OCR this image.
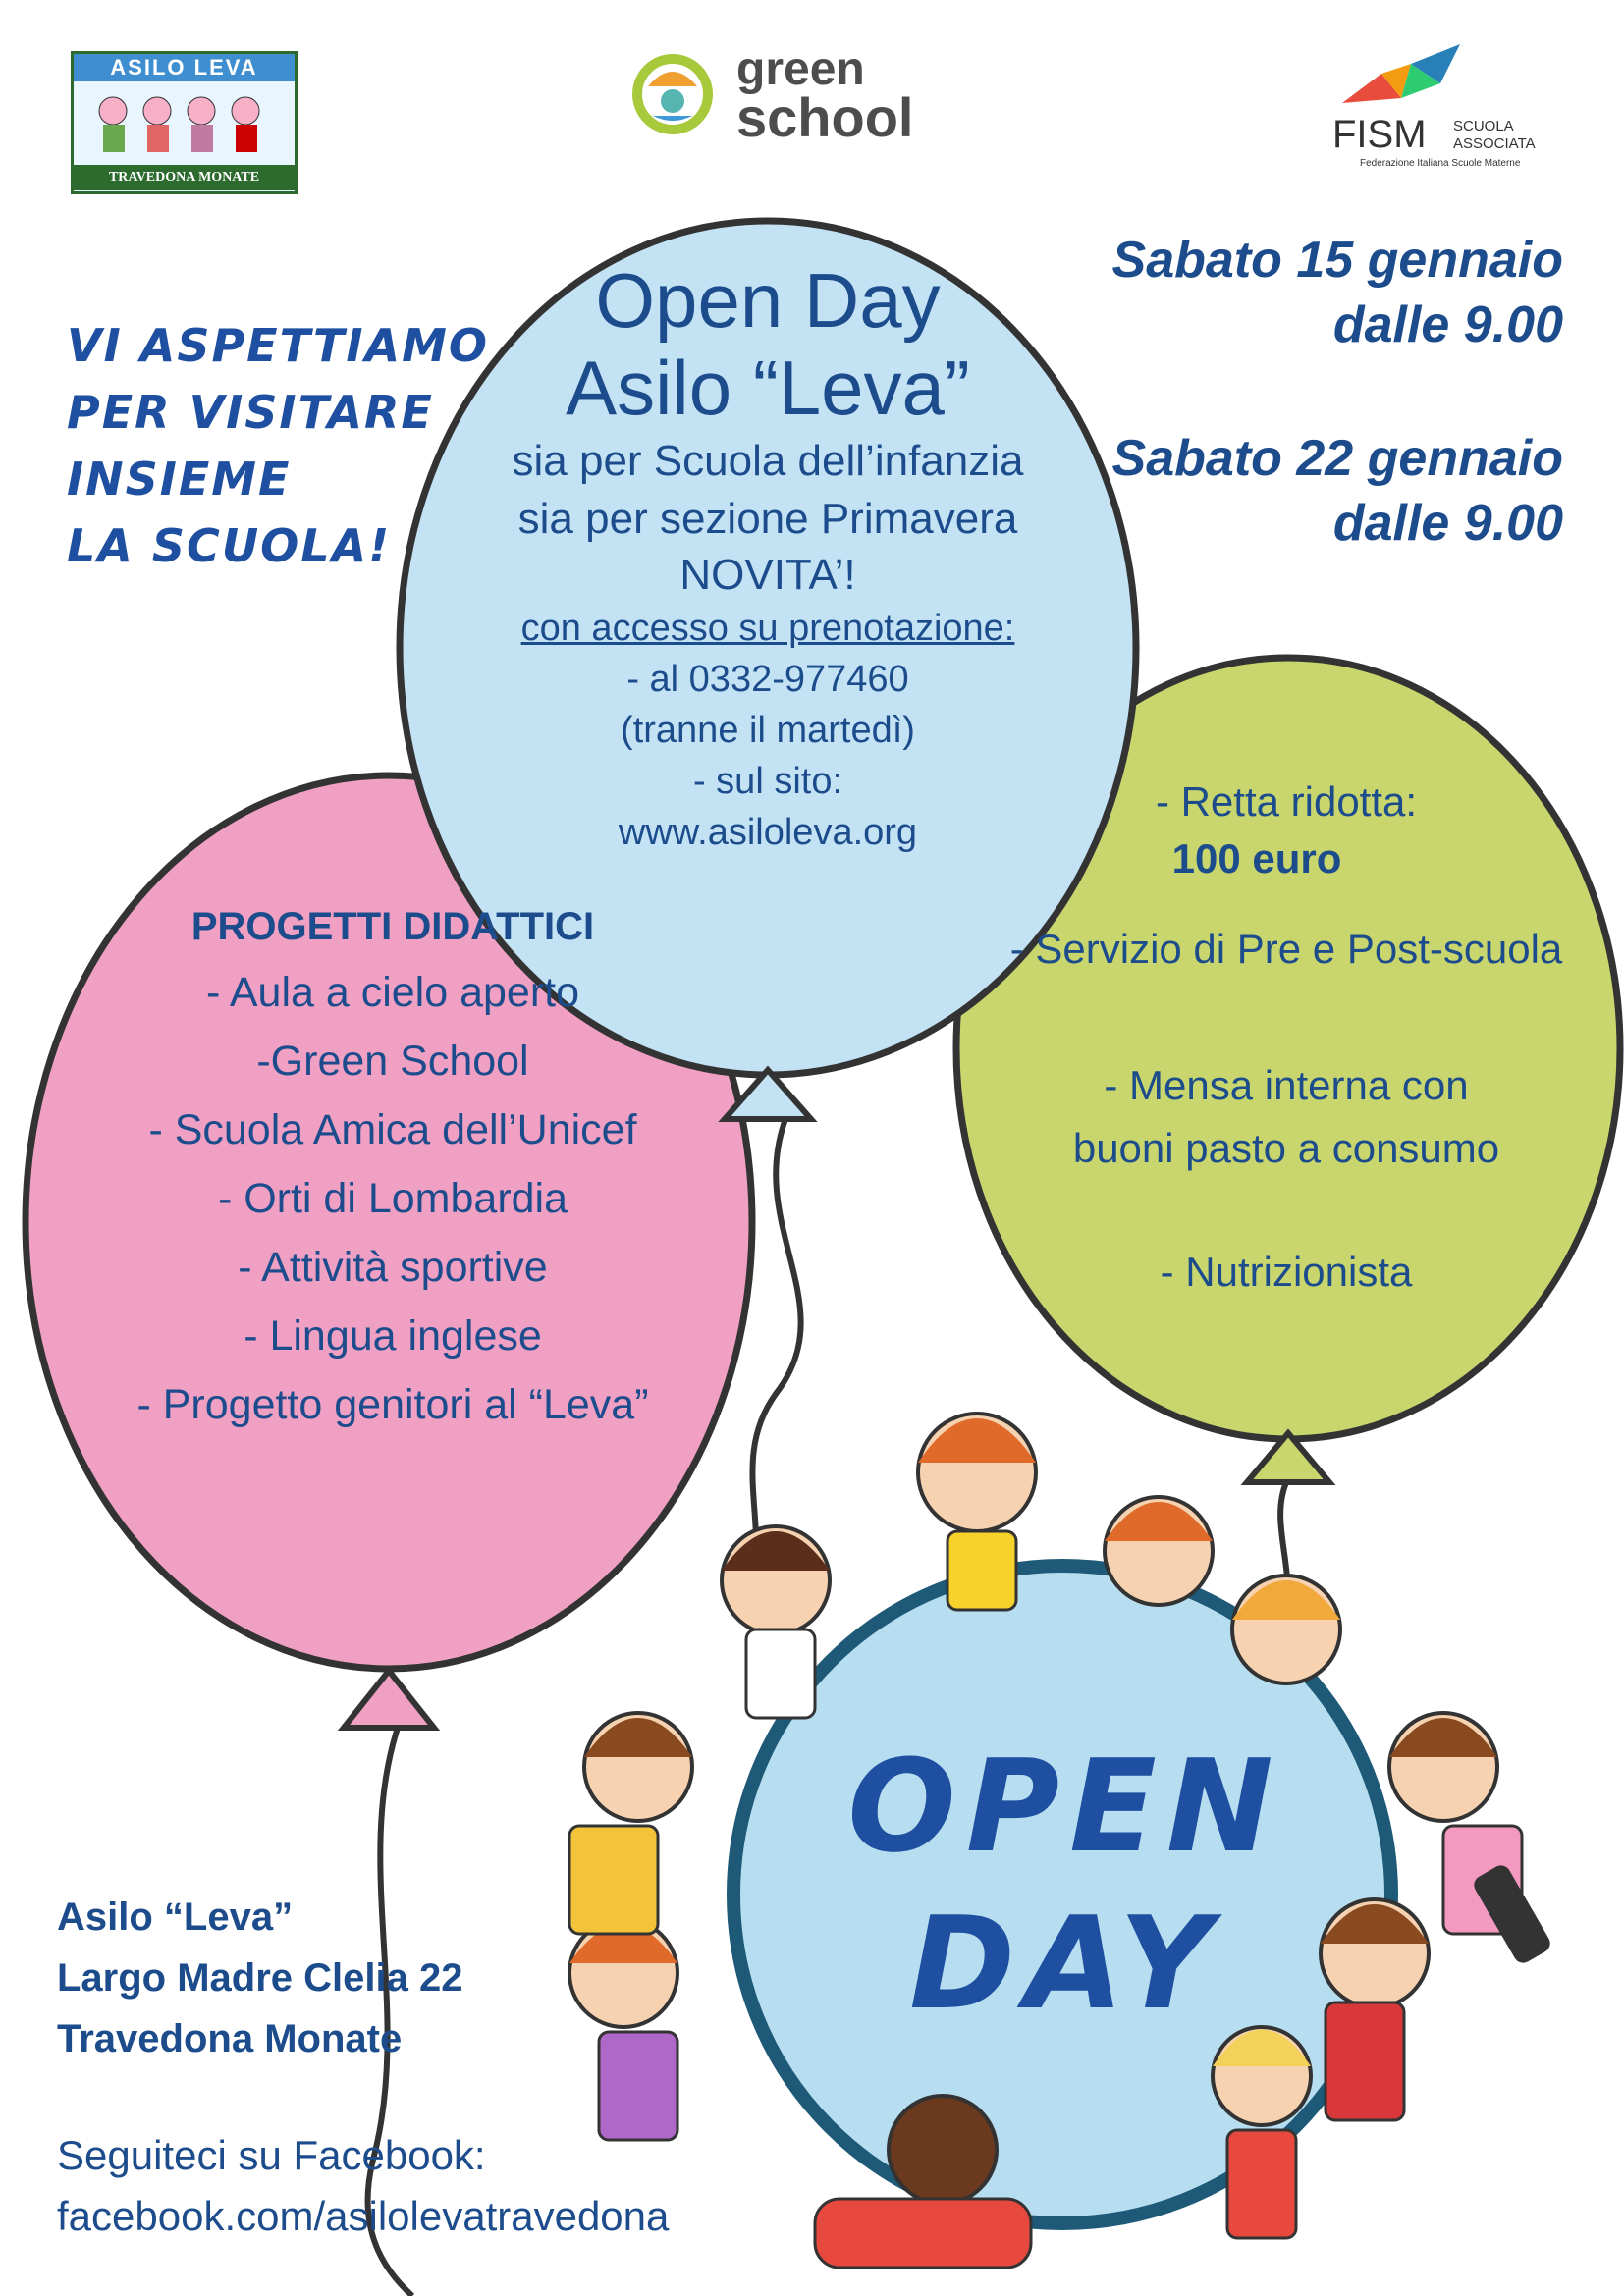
ASILO LEVA
TRAVEDONA MONATE
green
school	FISM SCUOLA
ASSOCIATA
Federazione Italiana Scuole Materne
VI ASPETTIAMO
PER VISITARE
INSIEME
LA SCUOLA!
Sabato 15 gennaio
dalle 9.00
Sabato 22 gennaio
dalle 9.00
Open Day
Asilo “Leva”
sia per Scuola dell’infanzia
sia per sezione Primavera
NOVITA’!
con accesso su prenotazione:
- al 0332-977460
(tranne il martedì)
- sul sito:
www.asiloleva.org
PROGETTI DIDATTICI
- Aula a cielo aperto
-Green School
- Scuola Amica dell’Unicef
- Orti di Lombardia
- Attività sportive
- Lingua inglese
- Progetto genitori al “Leva”
- Retta ridotta:
100 euro
- Servizio di Pre e Post-scuola
- Mensa interna con
buoni pasto a consumo
- Nutrizionista
OPEN
DAY
Asilo “Leva”
Largo Madre Clelia 22
Travedona Monate
Seguiteci su Facebook:
facebook.com/asilolevatravedona
